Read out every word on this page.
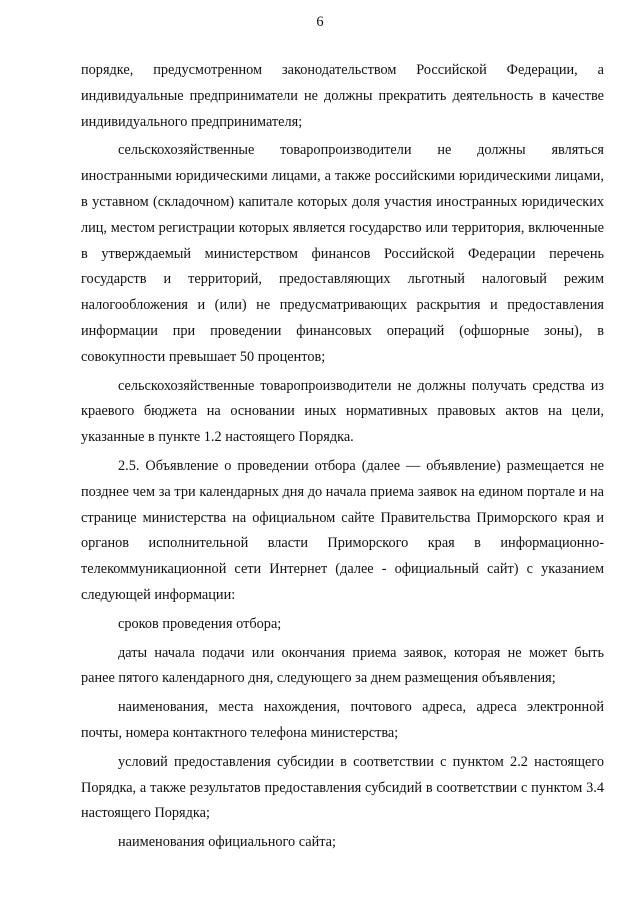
6

порядке, предусмотренном законодательством Российской Федерации, а индивидуальные предприниматели не должны прекратить деятельность в качестве индивидуального предпринимателя;

сельскохозяйственные товаропроизводители не должны являться иностранными юридическими лицами, а также российскими юридическими лицами, в уставном (складочном) капитале которых доля участия иностранных юридических лиц, местом регистрации которых является государство или территория, включенные в утверждаемый министерством финансов Российской Федерации перечень государств и территорий, предоставляющих льготный налоговый режим налогообложения и (или) не предусматривающих раскрытия и предоставления информации при проведении финансовых операций (офшорные зоны), в совокупности превышает 50 процентов;

сельскохозяйственные товаропроизводители не должны получать средства из краевого бюджета на основании иных нормативных правовых актов на цели, указанные в пункте 1.2 настоящего Порядка.

2.5. Объявление о проведении отбора (далее — объявление) размещается не позднее чем за три календарных дня до начала приема заявок на едином портале и на странице министерства на официальном сайте Правительства Приморского края и органов исполнительной власти Приморского края в информационно-телекоммуникационной сети Интернет (далее - официальный сайт) с указанием следующей информации:

сроков проведения отбора;

даты начала подачи или окончания приема заявок, которая не может быть ранее пятого календарного дня, следующего за днем размещения объявления;

наименования, места нахождения, почтового адреса, адреса электронной почты, номера контактного телефона министерства;

условий предоставления субсидии в соответствии с пунктом 2.2 настоящего Порядка, а также результатов предоставления субсидий в соответствии с пунктом 3.4 настоящего Порядка;

наименования официального сайта;
